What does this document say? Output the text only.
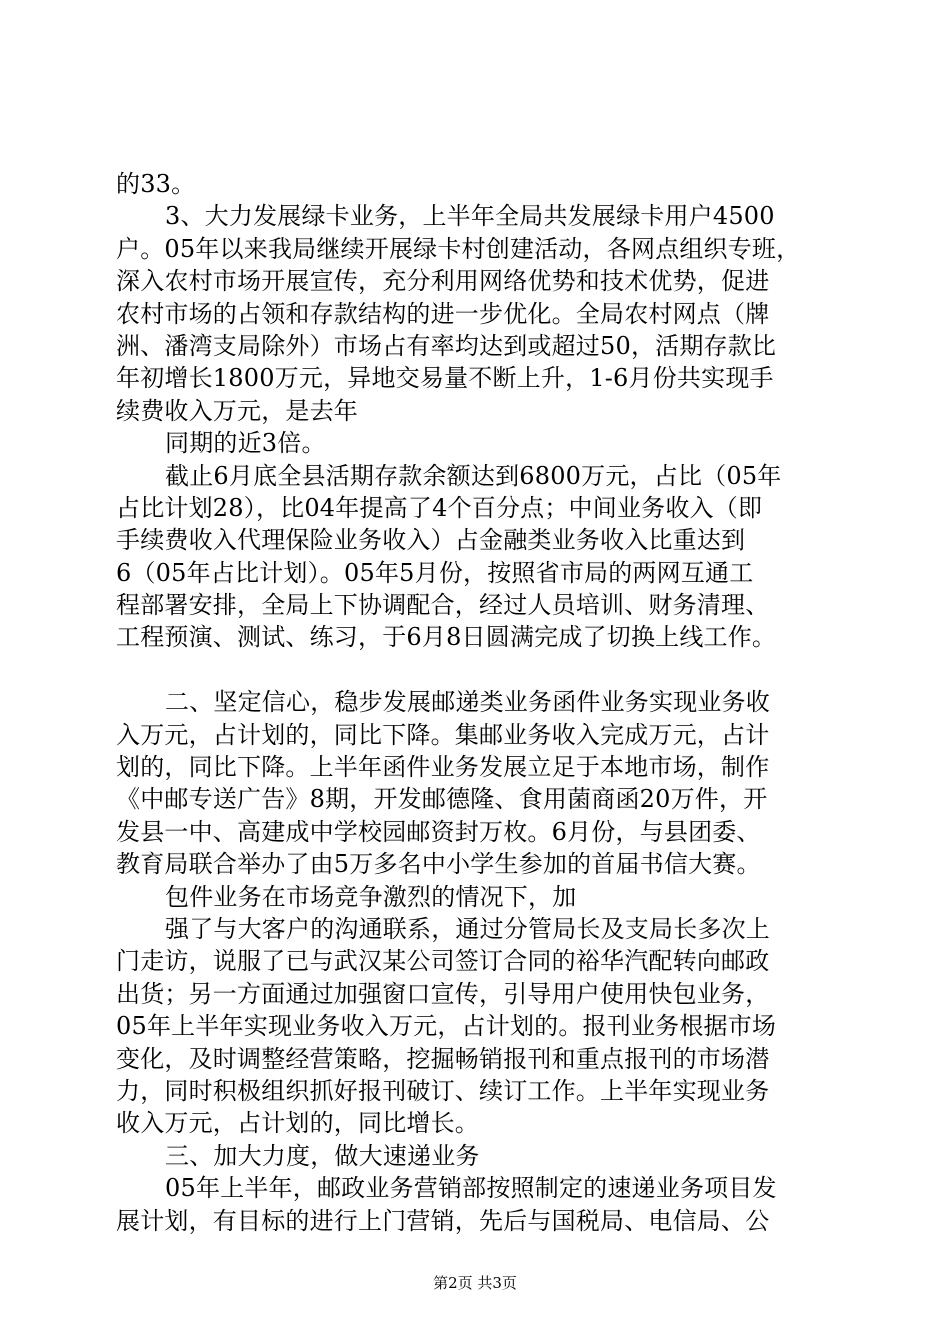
的33。
3、大力发展绿卡业务，上半年全局共发展绿卡用户4500
户。05年以来我局继续开展绿卡村创建活动，各网点组织专班，
深入农村市场开展宣传，充分利用网络优势和技术优势，促进
农村市场的占领和存款结构的进一步优化。全局农村网点（牌
洲、潘湾支局除外）市场占有率均达到或超过50，活期存款比
年初增长1800万元，异地交易量不断上升，1-6月份共实现手
续费收入万元，是去年
同期的近3倍。
截止6月底全县活期存款余额达到6800万元，占比（05年
占比计划28），比04年提高了4个百分点；中间业务收入（即
手续费收入代理保险业务收入）占金融类业务收入比重达到
6（05年占比计划）。05年5月份，按照省市局的两网互通工
程部署安排，全局上下协调配合，经过人员培训、财务清理、
工程预演、测试、练习，于6月8日圆满完成了切换上线工作。
二、坚定信心，稳步发展邮递类业务函件业务实现业务收
入万元，占计划的，同比下降。集邮业务收入完成万元，占计
划的，同比下降。上半年函件业务发展立足于本地市场，制作
《中邮专送广告》8期，开发邮德隆、食用菌商函20万件，开
发县一中、高建成中学校园邮资封万枚。6月份，与县团委、
教育局联合举办了由5万多名中小学生参加的首届书信大赛。
包件业务在市场竞争激烈的情况下，加
强了与大客户的沟通联系，通过分管局长及支局长多次上
门走访，说服了已与武汉某公司签订合同的裕华汽配转向邮政
出货；另一方面通过加强窗口宣传，引导用户使用快包业务，
05年上半年实现业务收入万元，占计划的。报刊业务根据市场
变化，及时调整经营策略，挖掘畅销报刊和重点报刊的市场潜
力，同时积极组织抓好报刊破订、续订工作。上半年实现业务
收入万元，占计划的，同比增长。
三、加大力度，做大速递业务
05年上半年，邮政业务营销部按照制定的速递业务项目发
展计划，有目标的进行上门营销，先后与国税局、电信局、公
第2页 共3页
